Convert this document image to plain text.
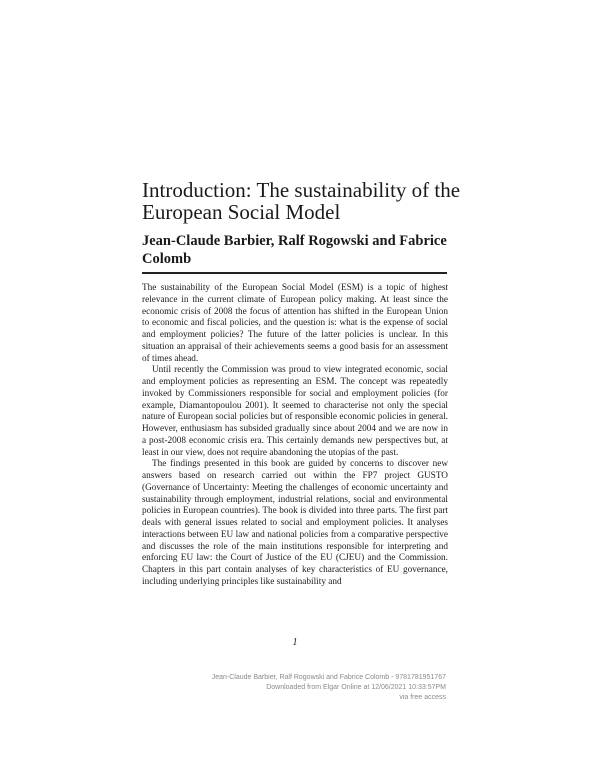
Introduction: The sustainability of the European Social Model
Jean-Claude Barbier, Ralf Rogowski and Fabrice Colomb

The sustainability of the European Social Model (ESM) is a topic of highest relevance in the current climate of European policy making. At least since the economic crisis of 2008 the focus of attention has shifted in the European Union to economic and fiscal policies, and the question is: what is the expense of social and employment policies? The future of the latter policies is unclear. In this situation an appraisal of their achievements seems a good basis for an assessment of times ahead.

Until recently the Commission was proud to view integrated economic, social and employment policies as representing an ESM. The concept was repeatedly invoked by Commissioners responsible for social and employment policies (for example, Diamantopoulou 2001). It seemed to characterise not only the special nature of European social policies but of responsible economic policies in general. However, enthusiasm has subsided gradually since about 2004 and we are now in a post-2008 economic crisis era. This certainly demands new perspectives but, at least in our view, does not require abandoning the utopias of the past.

The findings presented in this book are guided by concerns to discover new answers based on research carried out within the FP7 project GUSTO (Governance of Uncertainty: Meeting the challenges of economic uncertainty and sustainability through employment, industrial relations, social and environmental policies in European countries). The book is divided into three parts. The first part deals with general issues related to social and employment policies. It analyses interactions between EU law and national policies from a comparative perspective and discusses the role of the main institutions responsible for interpreting and enforcing EU law: the Court of Justice of the EU (CJEU) and the Commission. Chapters in this part contain analyses of key characteristics of EU governance, including underlying principles like sustainability and

1
Jean-Claude Barbier, Ralf Rogowski and Fabrice Colomb - 9781781951767
Downloaded from Elgar Online at 12/06/2021 10:33:57PM
via free access
